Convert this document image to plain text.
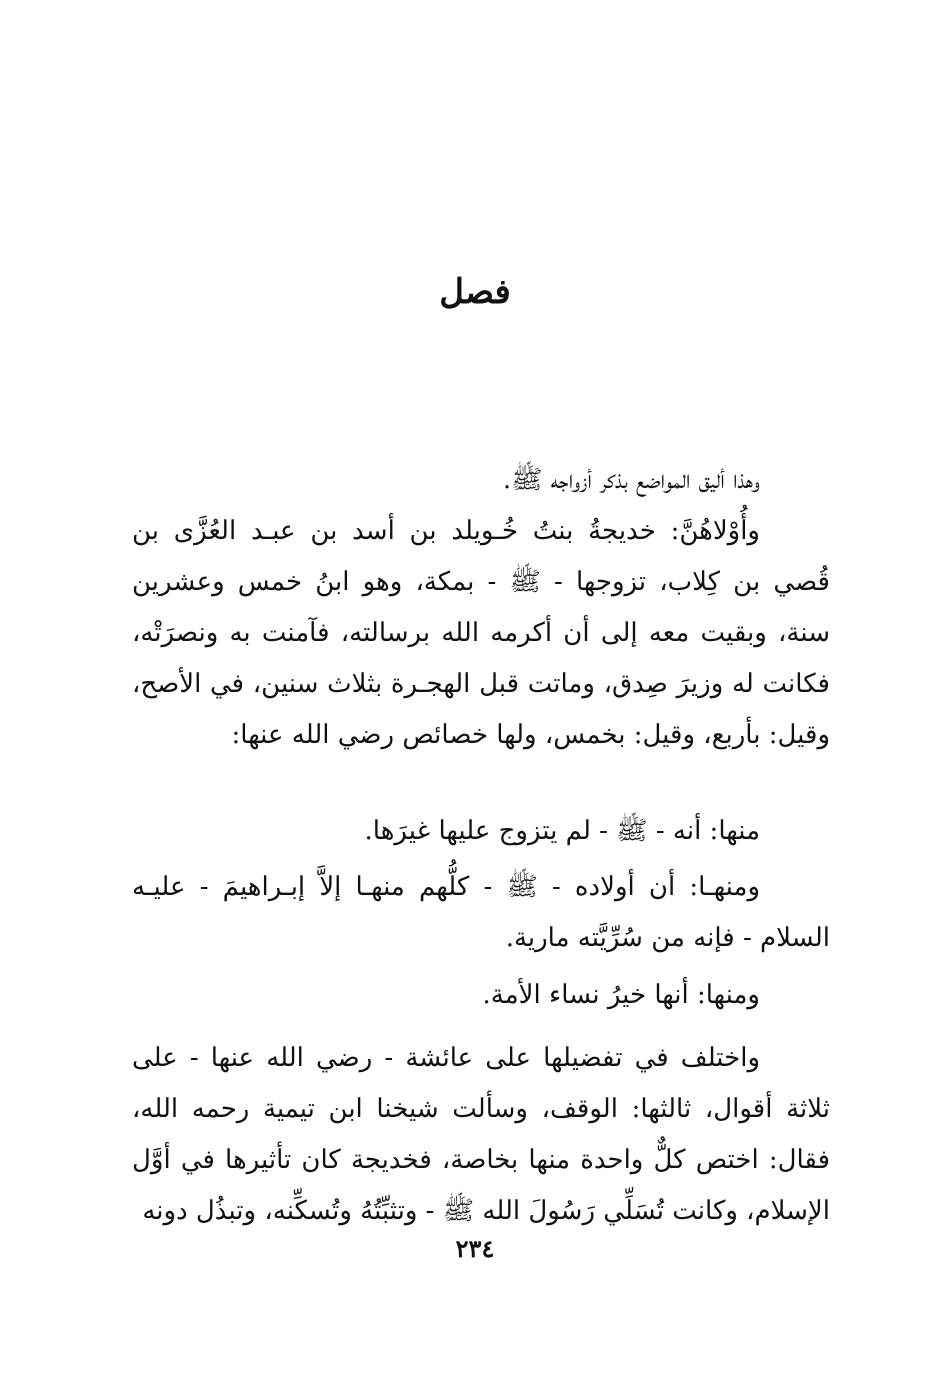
فصل

وهذا أليق المواضع بذكر أزواجه ﷺ.

وأُوْلاهُنَّ: خديجةُ بنتُ خُـويلد بن أسد بن عبـد العُزَّى بن قُصي بن كِلاب، تزوجها - ﷺ - بمكة، وهو ابنُ خمس وعشرين سنة، وبقيت معه إلى أن أكرمه الله برسالته، فآمنت به ونصرَتْه، فكانت له وزيرَ صِدق، وماتت قبل الهجـرة بثلاث سنين، في الأصح، وقيل: بأربع، وقيل: بخمس، ولها خصائص رضي الله عنها:

منها: أنه - ﷺ - لم يتزوج عليها غيرَها.

ومنهـا: أن أولاده - ﷺ - كلُّهم منهـا إلاَّ إبـراهيمَ - عليـه السلام - فإنه من سُرِّيَّته مارية.

ومنها: أنها خيرُ نساء الأمة.

واختلف في تفضيلها على عائشة - رضي الله عنها - على ثلاثة أقوال، ثالثها: الوقف، وسألت شيخنا ابن تيمية رحمه الله، فقال: اختص كلٌّ واحدة منها بخاصة، فخديجة كان تأثيرها في أوَّل الإسلام، وكانت تُسَلِّي رَسُولَ الله ﷺ - وتثبِّتُهُ وتُسكِّنه، وتبذُل دونه

٢٣٤
